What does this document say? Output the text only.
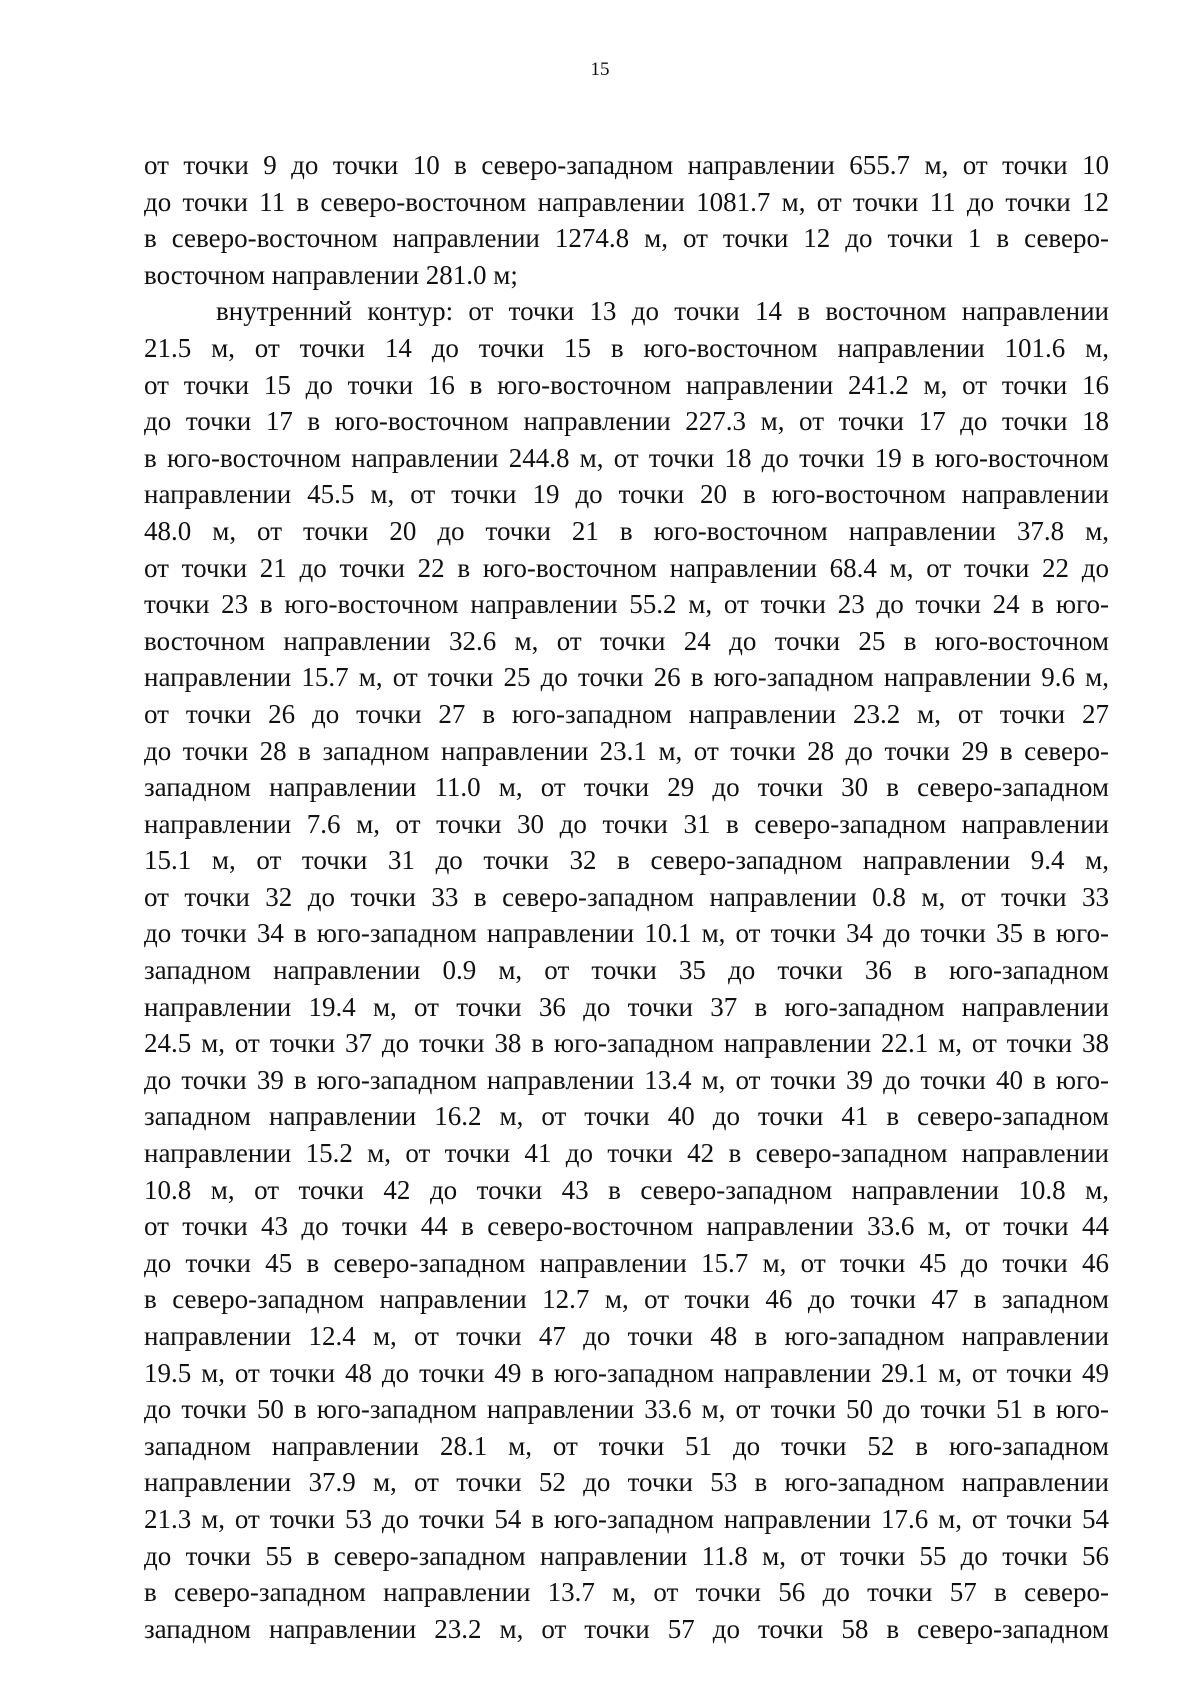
15
от точки 9 до точки 10 в северо-западном направлении 655.7 м, от точки 10
до точки 11 в северо-восточном направлении 1081.7 м, от точки 11 до точки 12
в северо-восточном направлении 1274.8 м, от точки 12 до точки 1 в северо-
восточном направлении 281.0 м;
внутренний контур: от точки 13 до точки 14 в восточном направлении
21.5 м, от точки 14 до точки 15 в юго-восточном направлении 101.6 м,
от точки 15 до точки 16 в юго-восточном направлении 241.2 м, от точки 16
до точки 17 в юго-восточном направлении 227.3 м, от точки 17 до точки 18
в юго-восточном направлении 244.8 м, от точки 18 до точки 19 в юго-восточном
направлении 45.5 м, от точки 19 до точки 20 в юго-восточном направлении
48.0 м, от точки 20 до точки 21 в юго-восточном направлении 37.8 м,
от точки 21 до точки 22 в юго-восточном направлении 68.4 м, от точки 22 до
точки 23 в юго-восточном направлении 55.2 м, от точки 23 до точки 24 в юго-
восточном направлении 32.6 м, от точки 24 до точки 25 в юго-восточном
направлении 15.7 м, от точки 25 до точки 26 в юго-западном направлении 9.6 м,
от точки 26 до точки 27 в юго-западном направлении 23.2 м, от точки 27
до точки 28 в западном направлении 23.1 м, от точки 28 до точки 29 в северо-
западном направлении 11.0 м, от точки 29 до точки 30 в северо-западном
направлении 7.6 м, от точки 30 до точки 31 в северо-западном направлении
15.1 м, от точки 31 до точки 32 в северо-западном направлении 9.4 м,
от точки 32 до точки 33 в северо-западном направлении 0.8 м, от точки 33
до точки 34 в юго-западном направлении 10.1 м, от точки 34 до точки 35 в юго-
западном направлении 0.9 м, от точки 35 до точки 36 в юго-западном
направлении 19.4 м, от точки 36 до точки 37 в юго-западном направлении
24.5 м, от точки 37 до точки 38 в юго-западном направлении 22.1 м, от точки 38
до точки 39 в юго-западном направлении 13.4 м, от точки 39 до точки 40 в юго-
западном направлении 16.2 м, от точки 40 до точки 41 в северо-западном
направлении 15.2 м, от точки 41 до точки 42 в северо-западном направлении
10.8 м, от точки 42 до точки 43 в северо-западном направлении 10.8 м,
от точки 43 до точки 44 в северо-восточном направлении 33.6 м, от точки 44
до точки 45 в северо-западном направлении 15.7 м, от точки 45 до точки 46
в северо-западном направлении 12.7 м, от точки 46 до точки 47 в западном
направлении 12.4 м, от точки 47 до точки 48 в юго-западном направлении
19.5 м, от точки 48 до точки 49 в юго-западном направлении 29.1 м, от точки 49
до точки 50 в юго-западном направлении 33.6 м, от точки 50 до точки 51 в юго-
западном направлении 28.1 м, от точки 51 до точки 52 в юго-западном
направлении 37.9 м, от точки 52 до точки 53 в юго-западном направлении
21.3 м, от точки 53 до точки 54 в юго-западном направлении 17.6 м, от точки 54
до точки 55 в северо-западном направлении 11.8 м, от точки 55 до точки 56
в северо-западном направлении 13.7 м, от точки 56 до точки 57 в северо-
западном направлении 23.2 м, от точки 57 до точки 58 в северо-западном
